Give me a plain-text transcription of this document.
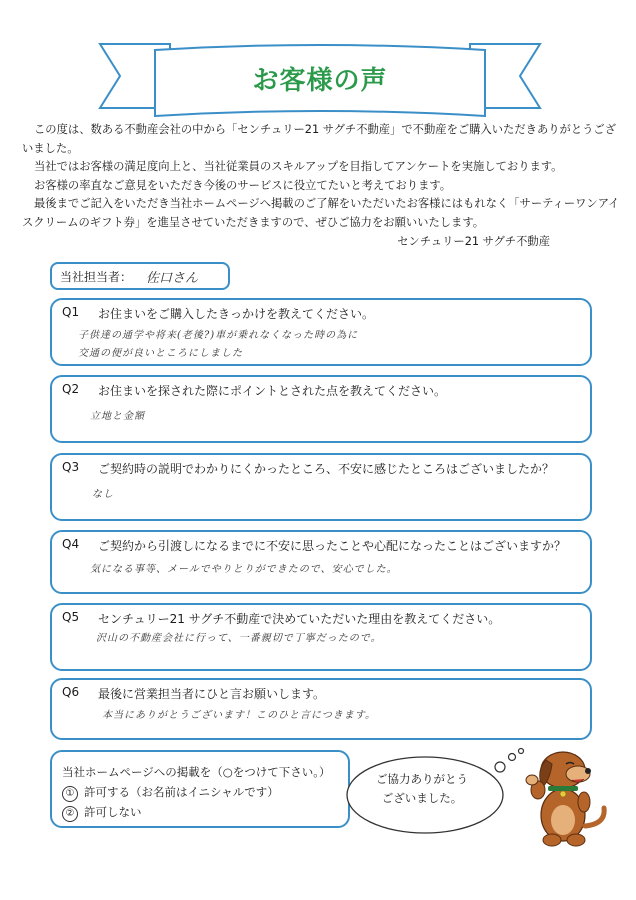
お客様の声

この度は、数ある不動産会社の中から「センチュリー21 サグチ不動産」で不動産をご購入いただきありがとうございました。

当社ではお客様の満足度向上と、当社従業員のスキルアップを目指してアンケートを実施しております。

お客様の率直なご意見をいただき今後のサービスに役立てたいと考えております。

最後までご記入をいただき当社ホームページへ掲載のご了解をいただいたお客様にはもれなく「サーティーワンアイスクリームのギフト券」を進呈させていただきますので、ぜひご協力をお願いいたします。

センチュリー21 サグチ不動産
当社担当者： 佐口さん
Q1 お住まいをご購入したきっかけを教えてください。
子供達の通学や将来(老後?)車が乗れなくなった時の為に
交通の便が良いところにしました
Q2 お住まいを探された際にポイントとされた点を教えてください。
立地と金額
Q3 ご契約時の説明でわかりにくかったところ、不安に感じたところはございましたか？
なし
Q4 ご契約から引渡しになるまでに不安に思ったことや心配になったことはございますか？
気になる事等、メールでやりとりができたので、安心でした。
Q5 センチュリー21 サグチ不動産で決めていただいた理由を教えてください。
沢山の不動産会社に行って、一番親切で丁寧だったので。
Q6 最後に営業担当者にひと言お願いします。
本当にありがとうございます！このひと言につきます。
当社ホームページへの掲載を（○をつけて下さい。）
① 許可する（お名前はイニシャルです）
② 許可しない
ご協力ありがとう
ございました。
